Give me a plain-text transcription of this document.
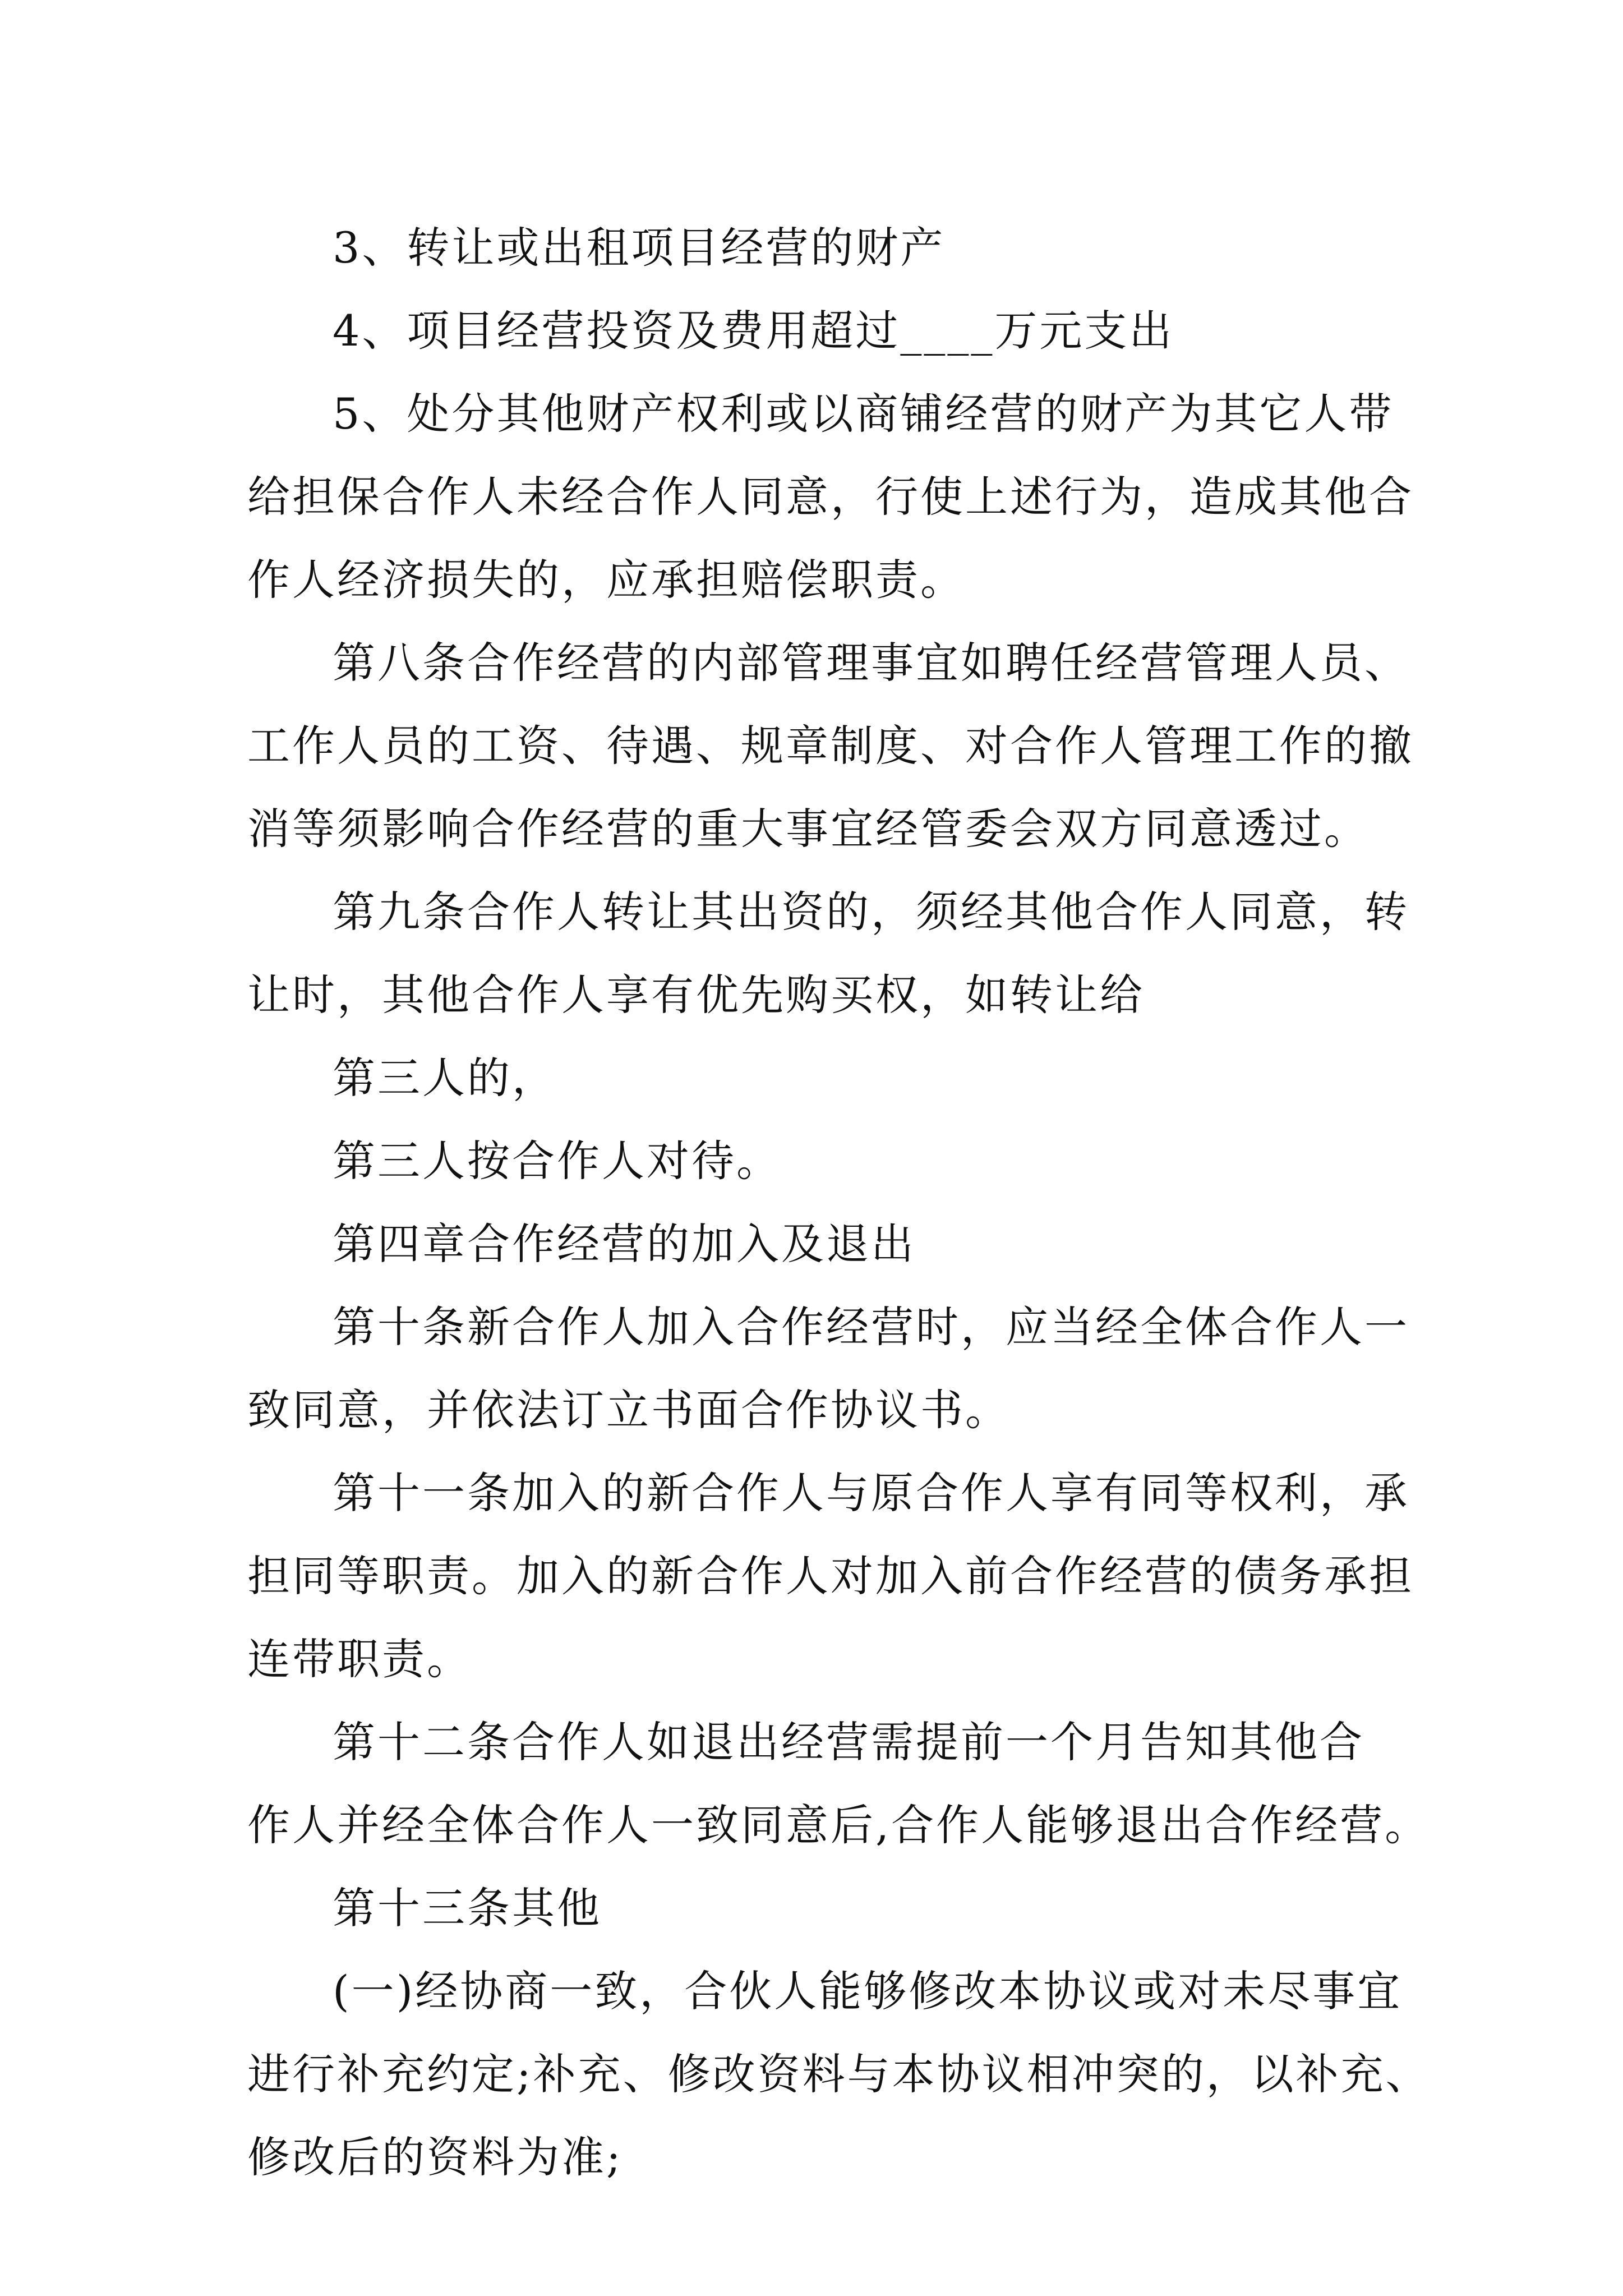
3、转让或出租项目经营的财产
4、项目经营投资及费用超过____万元支出
5、处分其他财产权利或以商铺经营的财产为其它人带
给担保合作人未经合作人同意，行使上述行为，造成其他合
作人经济损失的，应承担赔偿职责。
第八条合作经营的内部管理事宜如聘任经营管理人员、
工作人员的工资、待遇、规章制度、对合作人管理工作的撤
消等须影响合作经营的重大事宜经管委会双方同意透过。
第九条合作人转让其出资的，须经其他合作人同意，转
让时，其他合作人享有优先购买权，如转让给
第三人的，
第三人按合作人对待。
第四章合作经营的加入及退出
第十条新合作人加入合作经营时，应当经全体合作人一
致同意，并依法订立书面合作协议书。
第十一条加入的新合作人与原合作人享有同等权利，承
担同等职责。加入的新合作人对加入前合作经营的债务承担
连带职责。
第十二条合作人如退出经营需提前一个月告知其他合
作人并经全体合作人一致同意后,合作人能够退出合作经营。
第十三条其他
(一)经协商一致，合伙人能够修改本协议或对未尽事宜
进行补充约定;补充、修改资料与本协议相冲突的，以补充、
修改后的资料为准;
